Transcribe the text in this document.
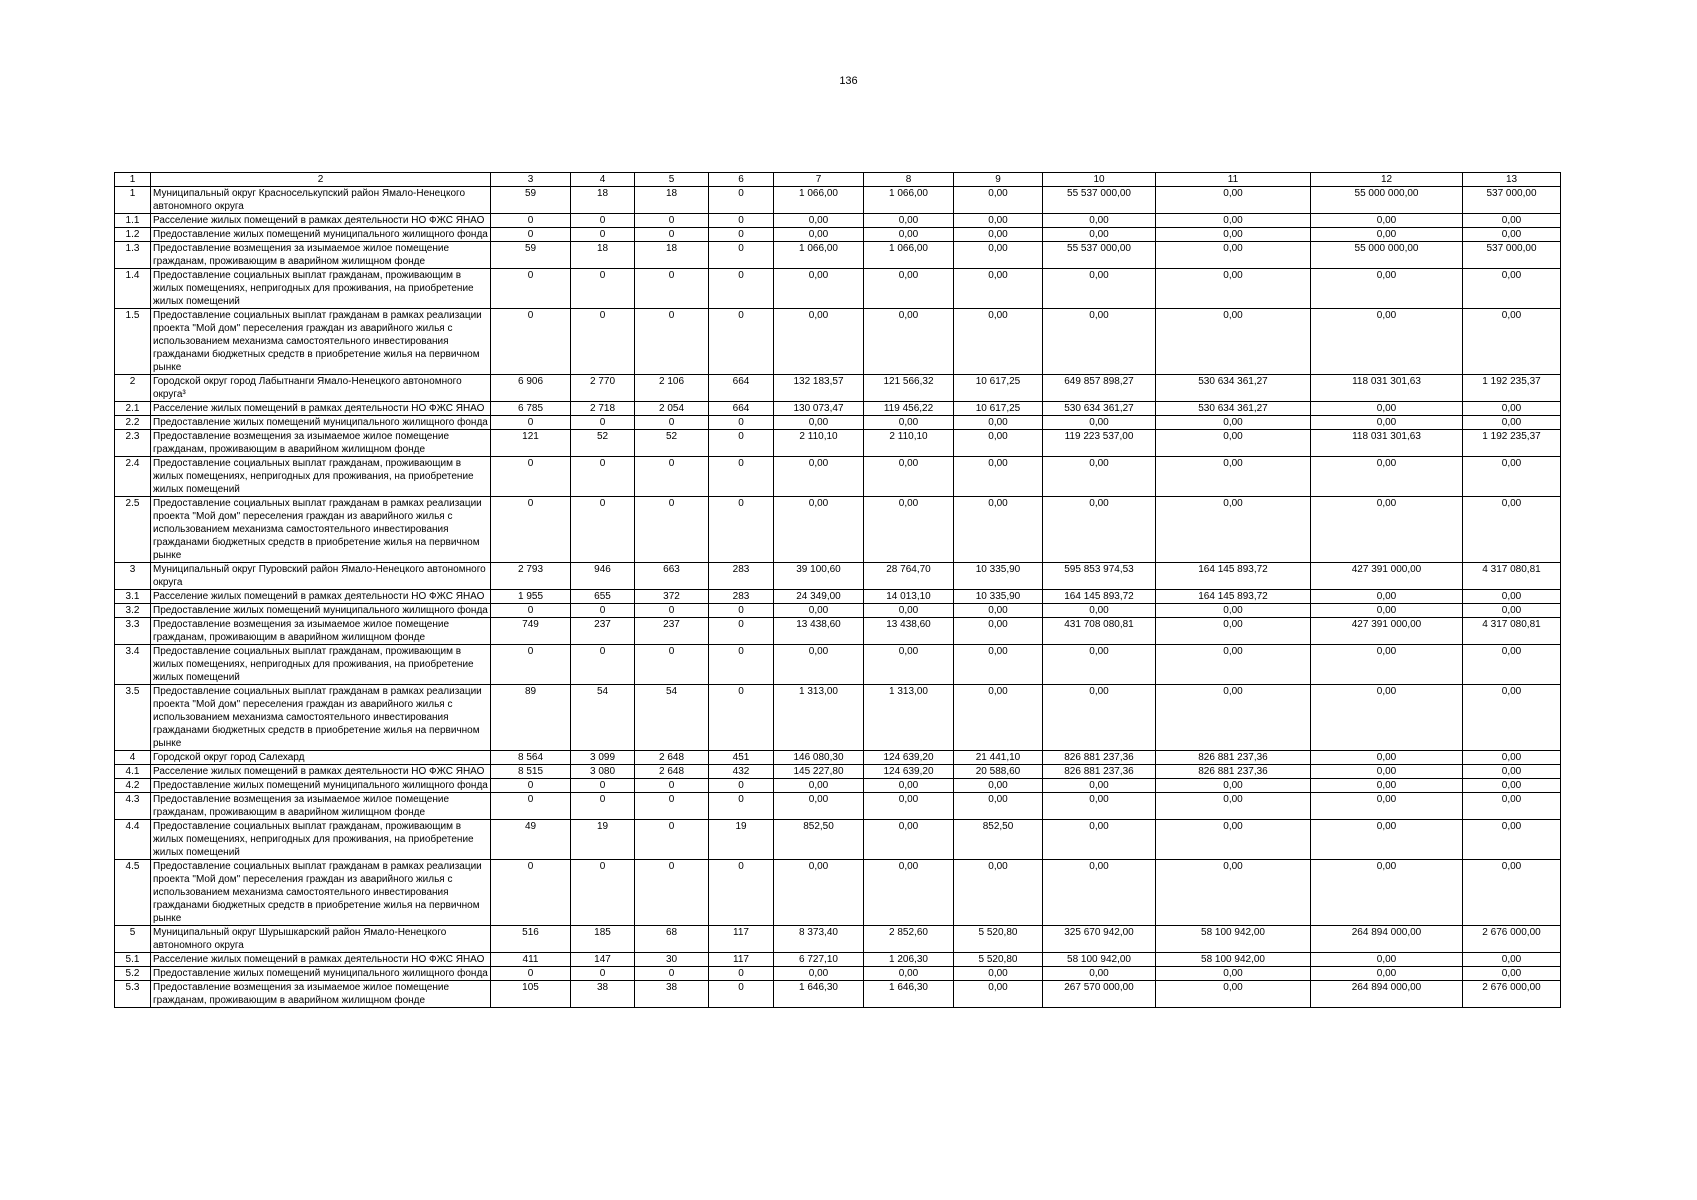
136
1	2	3	4	5	6	7	8	9	10	11	12	13
1	Муниципальный округ Красноселькупский район Ямало-Ненецкого автономного округа	59	18	18	0	1 066,00	1 066,00	0,00	55 537 000,00	0,00	55 000 000,00	537 000,00
1.1	Расселение жилых помещений в рамках деятельности НО ФЖС ЯНАО	0	0	0	0	0,00	0,00	0,00	0,00	0,00	0,00	0,00
1.2	Предоставление жилых помещений муниципального жилищного фонда	0	0	0	0	0,00	0,00	0,00	0,00	0,00	0,00	0,00
1.3	Предоставление возмещения за изымаемое жилое помещение гражданам, проживающим в аварийном жилищном фонде	59	18	18	0	1 066,00	1 066,00	0,00	55 537 000,00	0,00	55 000 000,00	537 000,00
1.4	Предоставление социальных выплат гражданам, проживающим в жилых помещениях, непригодных для проживания, на приобретение жилых помещений	0	0	0	0	0,00	0,00	0,00	0,00	0,00	0,00	0,00
1.5	Предоставление социальных выплат гражданам в рамках реализации проекта "Мой дом" переселения граждан из аварийного жилья с использованием механизма самостоятельного инвестирования гражданами бюджетных средств в приобретение жилья на первичном рынке	0	0	0	0	0,00	0,00	0,00	0,00	0,00	0,00	0,00
2	Городской округ город Лабытнанги Ямало-Ненецкого автономного округа³	6 906	2 770	2 106	664	132 183,57	121 566,32	10 617,25	649 857 898,27	530 634 361,27	118 031 301,63	1 192 235,37
2.1	Расселение жилых помещений в рамках деятельности НО ФЖС ЯНАО	6 785	2 718	2 054	664	130 073,47	119 456,22	10 617,25	530 634 361,27	530 634 361,27	0,00	0,00
2.2	Предоставление жилых помещений муниципального жилищного фонда	0	0	0	0	0,00	0,00	0,00	0,00	0,00	0,00	0,00
2.3	Предоставление возмещения за изымаемое жилое помещение гражданам, проживающим в аварийном жилищном фонде	121	52	52	0	2 110,10	2 110,10	0,00	119 223 537,00	0,00	118 031 301,63	1 192 235,37
2.4	Предоставление социальных выплат гражданам, проживающим в жилых помещениях, непригодных для проживания, на приобретение жилых помещений	0	0	0	0	0,00	0,00	0,00	0,00	0,00	0,00	0,00
2.5	Предоставление социальных выплат гражданам в рамках реализации проекта "Мой дом" переселения граждан из аварийного жилья с использованием механизма самостоятельного инвестирования гражданами бюджетных средств в приобретение жилья на первичном рынке	0	0	0	0	0,00	0,00	0,00	0,00	0,00	0,00	0,00
3	Муниципальный округ Пуровский район Ямало-Ненецкого автономного округа	2 793	946	663	283	39 100,60	28 764,70	10 335,90	595 853 974,53	164 145 893,72	427 391 000,00	4 317 080,81
3.1	Расселение жилых помещений в рамках деятельности НО ФЖС ЯНАО	1 955	655	372	283	24 349,00	14 013,10	10 335,90	164 145 893,72	164 145 893,72	0,00	0,00
3.2	Предоставление жилых помещений муниципального жилищного фонда	0	0	0	0	0,00	0,00	0,00	0,00	0,00	0,00	0,00
3.3	Предоставление возмещения за изымаемое жилое помещение гражданам, проживающим в аварийном жилищном фонде	749	237	237	0	13 438,60	13 438,60	0,00	431 708 080,81	0,00	427 391 000,00	4 317 080,81
3.4	Предоставление социальных выплат гражданам, проживающим в жилых помещениях, непригодных для проживания, на приобретение жилых помещений	0	0	0	0	0,00	0,00	0,00	0,00	0,00	0,00	0,00
3.5	Предоставление социальных выплат гражданам в рамках реализации проекта "Мой дом" переселения граждан из аварийного жилья с использованием механизма самостоятельного инвестирования гражданами бюджетных средств в приобретение жилья на первичном рынке	89	54	54	0	1 313,00	1 313,00	0,00	0,00	0,00	0,00	0,00
4	Городской округ город Салехард	8 564	3 099	2 648	451	146 080,30	124 639,20	21 441,10	826 881 237,36	826 881 237,36	0,00	0,00
4.1	Расселение жилых помещений в рамках деятельности НО ФЖС ЯНАО	8 515	3 080	2 648	432	145 227,80	124 639,20	20 588,60	826 881 237,36	826 881 237,36	0,00	0,00
4.2	Предоставление жилых помещений муниципального жилищного фонда	0	0	0	0	0,00	0,00	0,00	0,00	0,00	0,00	0,00
4.3	Предоставление возмещения за изымаемое жилое помещение гражданам, проживающим в аварийном жилищном фонде	0	0	0	0	0,00	0,00	0,00	0,00	0,00	0,00	0,00
4.4	Предоставление социальных выплат гражданам, проживающим в жилых помещениях, непригодных для проживания, на приобретение жилых помещений	49	19	0	19	852,50	0,00	852,50	0,00	0,00	0,00	0,00
4.5	Предоставление социальных выплат гражданам в рамках реализации проекта "Мой дом" переселения граждан из аварийного жилья с использованием механизма самостоятельного инвестирования гражданами бюджетных средств в приобретение жилья на первичном рынке	0	0	0	0	0,00	0,00	0,00	0,00	0,00	0,00	0,00
5	Муниципальный округ Шурышкарский район Ямало-Ненецкого автономного округа	516	185	68	117	8 373,40	2 852,60	5 520,80	325 670 942,00	58 100 942,00	264 894 000,00	2 676 000,00
5.1	Расселение жилых помещений в рамках деятельности НО ФЖС ЯНАО	411	147	30	117	6 727,10	1 206,30	5 520,80	58 100 942,00	58 100 942,00	0,00	0,00
5.2	Предоставление жилых помещений муниципального жилищного фонда	0	0	0	0	0,00	0,00	0,00	0,00	0,00	0,00	0,00
5.3	Предоставление возмещения за изымаемое жилое помещение гражданам, проживающим в аварийном жилищном фонде	105	38	38	0	1 646,30	1 646,30	0,00	267 570 000,00	0,00	264 894 000,00	2 676 000,00
